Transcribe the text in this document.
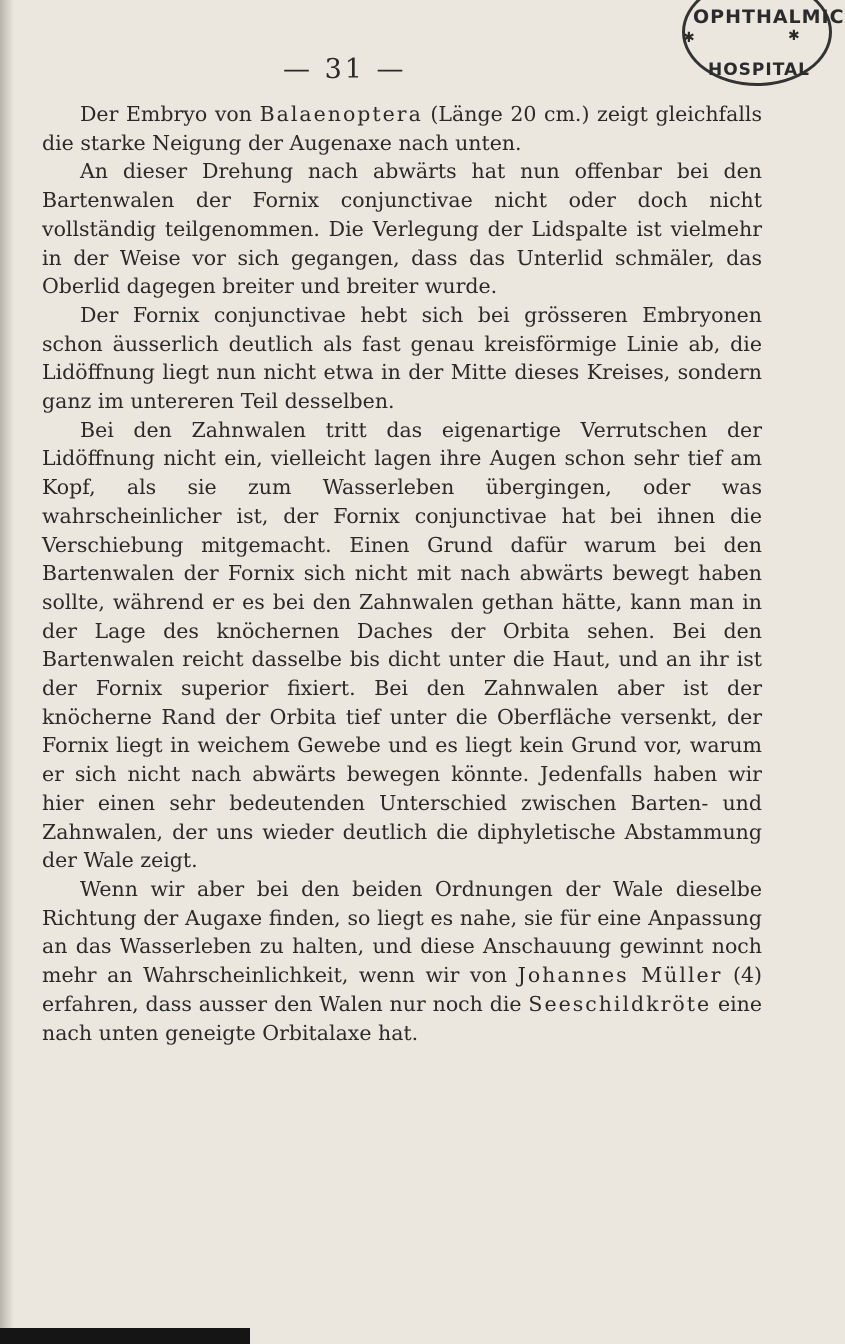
— 31 —
OPHTHALMIC
HOSPITAL
✱	✱

Der Embryo von Balaenoptera (Länge 20 cm.) zeigt gleichfalls die starke Neigung der Augenaxe nach unten.

An dieser Drehung nach abwärts hat nun offenbar bei den Bartenwalen der Fornix conjunctivae nicht oder doch nicht vollständig teilgenommen. Die Verlegung der Lidspalte ist vielmehr in der Weise vor sich gegangen, dass das Unterlid schmäler, das Oberlid dagegen breiter und breiter wurde.

Der Fornix conjunctivae hebt sich bei grösseren Embryonen schon äusserlich deutlich als fast genau kreisförmige Linie ab, die Lidöffnung liegt nun nicht etwa in der Mitte dieses Kreises, sondern ganz im untereren Teil desselben.

Bei den Zahnwalen tritt das eigenartige Verrutschen der Lidöffnung nicht ein, vielleicht lagen ihre Augen schon sehr tief am Kopf, als sie zum Wasserleben übergingen, oder was wahrscheinlicher ist, der Fornix conjunctivae hat bei ihnen die Verschiebung mitgemacht. Einen Grund dafür warum bei den Bartenwalen der Fornix sich nicht mit nach abwärts bewegt haben sollte, während er es bei den Zahnwalen gethan hätte, kann man in der Lage des knöchernen Daches der Orbita sehen. Bei den Bartenwalen reicht dasselbe bis dicht unter die Haut, und an ihr ist der Fornix superior fixiert. Bei den Zahnwalen aber ist der knöcherne Rand der Orbita tief unter die Oberfläche versenkt, der Fornix liegt in weichem Gewebe und es liegt kein Grund vor, warum er sich nicht nach abwärts bewegen könnte. Jedenfalls haben wir hier einen sehr bedeutenden Unterschied zwischen Barten- und Zahnwalen, der uns wieder deutlich die diphyletische Abstammung der Wale zeigt.

Wenn wir aber bei den beiden Ordnungen der Wale dieselbe Richtung der Augaxe finden, so liegt es nahe, sie für eine Anpassung an das Wasserleben zu halten, und diese Anschauung gewinnt noch mehr an Wahrscheinlichkeit, wenn wir von Johannes Müller (4) erfahren, dass ausser den Walen nur noch die Seeschildkröte eine nach unten geneigte Orbitalaxe hat.
